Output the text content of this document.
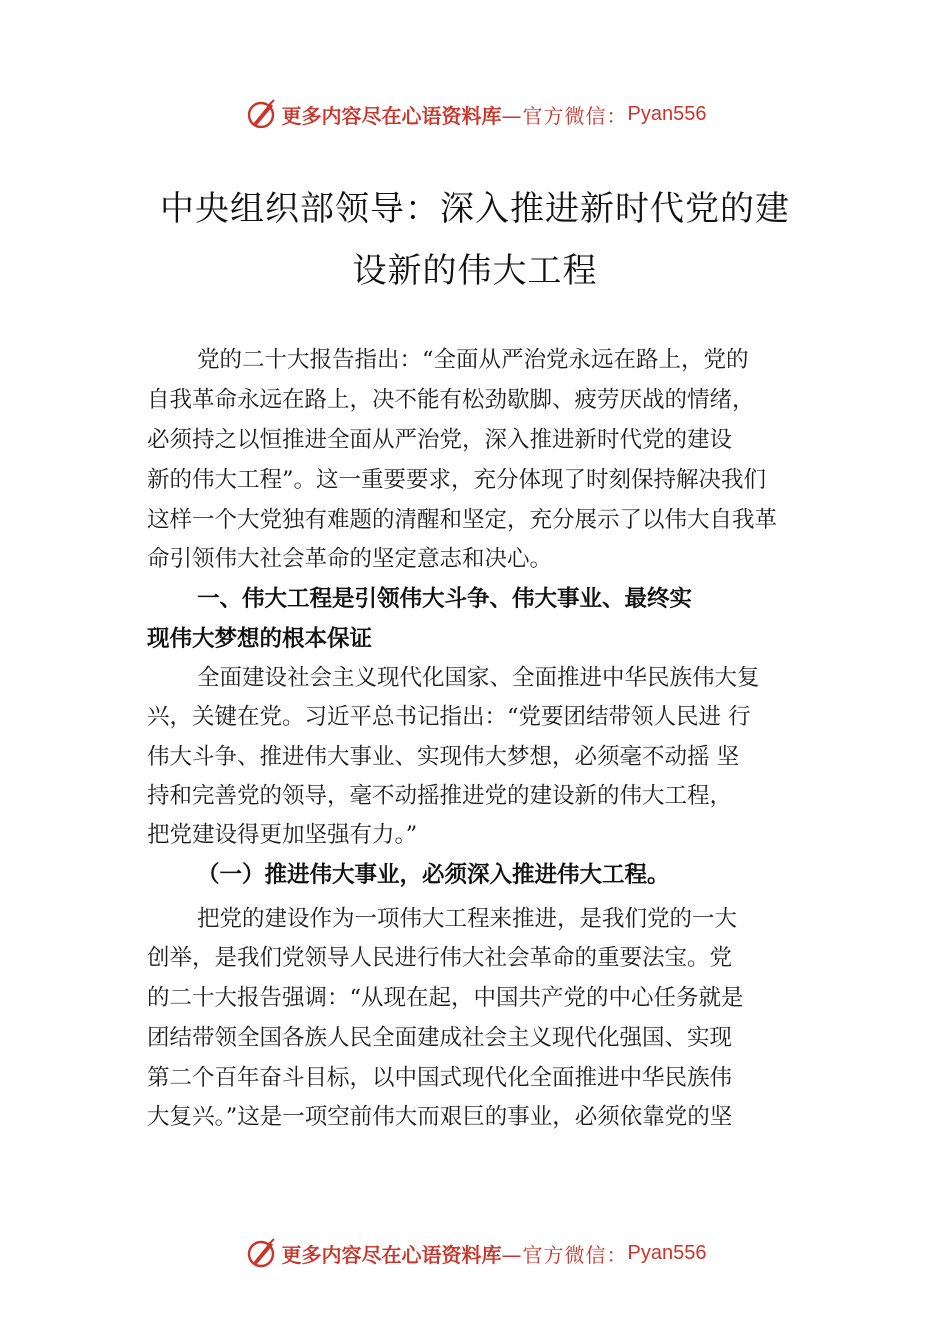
更多内容尽在心语资料库 —官方微信： Pyan556
中央组织部领导：深入推进新时代党的建
设新的伟大工程
党的二十大报告指出：“全面从严治党永远在路上，党的
自我革命永远在路上，决不能有松劲歇脚、疲劳厌战的情绪，
必须持之以恒推进全面从严治党，深入推进新时代党的建设
新的伟大工程”。这一重要要求，充分体现了时刻保持解决我们
这样一个大党独有难题的清醒和坚定，充分展示了以伟大自我革
命引领伟大社会革命的坚定意志和决心。
一、伟大工程是引领伟大斗争、伟大事业、最终实
现伟大梦想的根本保证
全面建设社会主义现代化国家、全面推进中华民族伟大复
兴，关键在党。习近平总书记指出：“党要团结带领人民进 行
伟大斗争、推进伟大事业、实现伟大梦想，必须毫不动摇 坚
持和完善党的领导，毫不动摇推进党的建设新的伟大工程，
把党建设得更加坚强有力。”
（一）推进伟大事业，必须深入推进伟大工程。
把党的建设作为一项伟大工程来推进，是我们党的一大
创举，是我们党领导人民进行伟大社会革命的重要法宝。党
的二十大报告强调：“从现在起，中国共产党的中心任务就是
团结带领全国各族人民全面建成社会主义现代化强国、实现
第二个百年奋斗目标，以中国式现代化全面推进中华民族伟
大复兴。”这是一项空前伟大而艰巨的事业，必须依靠党的坚
更多内容尽在心语资料库 —官方微信： Pyan556
